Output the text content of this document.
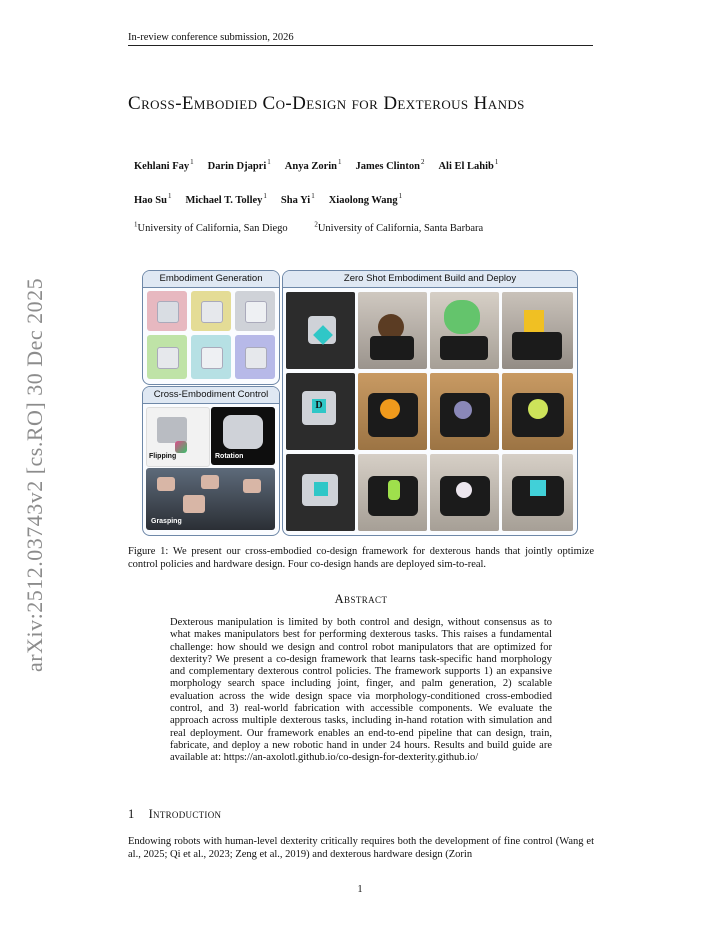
In-review conference submission, 2026
arXiv:2512.03743v2 [cs.RO] 30 Dec 2025
Cross-Embodied Co-Design for Dexterous Hands
Kehlani Fay$^1$ Darin Djapri$^1$ Anya Zorin$^1$ James Clinton$^2$ Ali El Lahib$^1$
Hao Su$^1$ Michael T. Tolley$^1$ Sha Yi$^1$ Xiaolong Wang$^1$
$^1$University of California, San Diego	$^2$University of California, Santa Barbara
Embodiment Generation
Cross-Embodiment Control
Flipping	Rotation
Grasping
Zero Shot Embodiment Build and Deploy
D
Figure 1: We present our cross-embodied co-design framework for dexterous hands that jointly optimize control policies and hardware design. Four co-design hands are deployed sim-to-real.
Abstract
Dexterous manipulation is limited by both control and design, without consensus as to what makes manipulators best for performing dexterous tasks. This raises a fundamental challenge: how should we design and control robot manipulators that are optimized for dexterity? We present a co-design framework that learns task-specific hand morphology and complementary dexterous control policies. The framework supports 1) an expansive morphology search space including joint, finger, and palm generation, 2) scalable evaluation across the wide design space via morphology-conditioned cross-embodied control, and 3) real-world fabrication with accessible components. We evaluate the approach across multiple dexterous tasks, including in-hand rotation with simulation and real deployment. Our framework enables an end-to-end pipeline that can design, train, fabricate, and deploy a new robotic hand in under 24 hours. Results and build guide are available at: https://an-axolotl.github.io/co-design-for-dexterity.github.io/
1 Introduction
Endowing robots with human-level dexterity critically requires both the development of fine control (Wang et al., 2025; Qi et al., 2023; Zeng et al., 2019) and dexterous hardware design (Zorin
1
